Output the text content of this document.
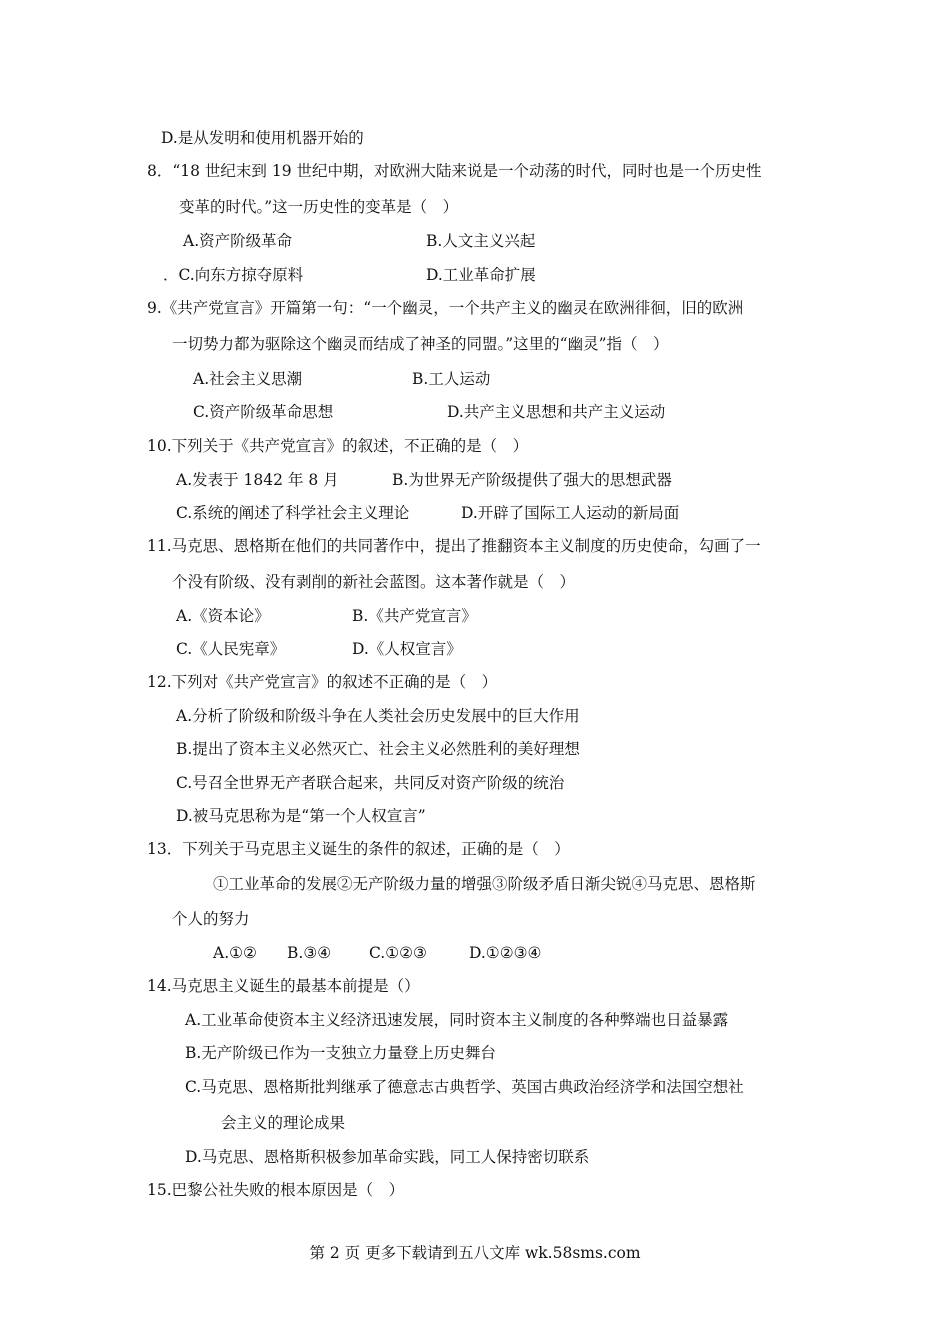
D.是从发明和使用机器开始的
8．“18 世纪末到 19 世纪中期，对欧洲大陆来说是一个动荡的时代，同时也是一个历史性
变革的时代。”这一历史性的变革是（　）
A.资产阶级革命	B.人文主义兴起
．C.向东方掠夺原料	D.工业革命扩展
9.《共产党宣言》开篇第一句：“一个幽灵，一个共产主义的幽灵在欧洲徘徊，旧的欧洲
一切势力都为驱除这个幽灵而结成了神圣的同盟。”这里的“幽灵”指（　）
A.社会主义思潮	B.工人运动
C.资产阶级革命思想	D.共产主义思想和共产主义运动
10.下列关于《共产党宣言》的叙述，不正确的是（　）
A.发表于 1842 年 8 月	B.为世界无产阶级提供了强大的思想武器
C.系统的阐述了科学社会主义理论	D.开辟了国际工人运动的新局面
11.马克思、恩格斯在他们的共同著作中，提出了推翻资本主义制度的历史使命，勾画了一
个没有阶级、没有剥削的新社会蓝图。这本著作就是（　）
A.《资本论》	B.《共产党宣言》
C.《人民宪章》	D.《人权宣言》
12.下列对《共产党宣言》的叙述不正确的是（　）
A.分析了阶级和阶级斗争在人类社会历史发展中的巨大作用
B.提出了资本主义必然灭亡、社会主义必然胜利的美好理想
C.号召全世界无产者联合起来，共同反对资产阶级的统治
D.被马克思称为是“第一个人权宣言”
13．下列关于马克思主义诞生的条件的叙述，正确的是（　）
①工业革命的发展②无产阶级力量的增强③阶级矛盾日渐尖锐④马克思、恩格斯
个人的努力
A.①② B.③④ C.①②③	D.①②③④
14.马克思主义诞生的最基本前提是（）
A.工业革命使资本主义经济迅速发展，同时资本主义制度的各种弊端也日益暴露
B.无产阶级已作为一支独立力量登上历史舞台
C.马克思、恩格斯批判继承了德意志古典哲学、英国古典政治经济学和法国空想社
会主义的理论成果
D.马克思、恩格斯积极参加革命实践，同工人保持密切联系
15.巴黎公社失败的根本原因是（　）
第 2 页 更多下载请到五八文库 wk.58sms.com
